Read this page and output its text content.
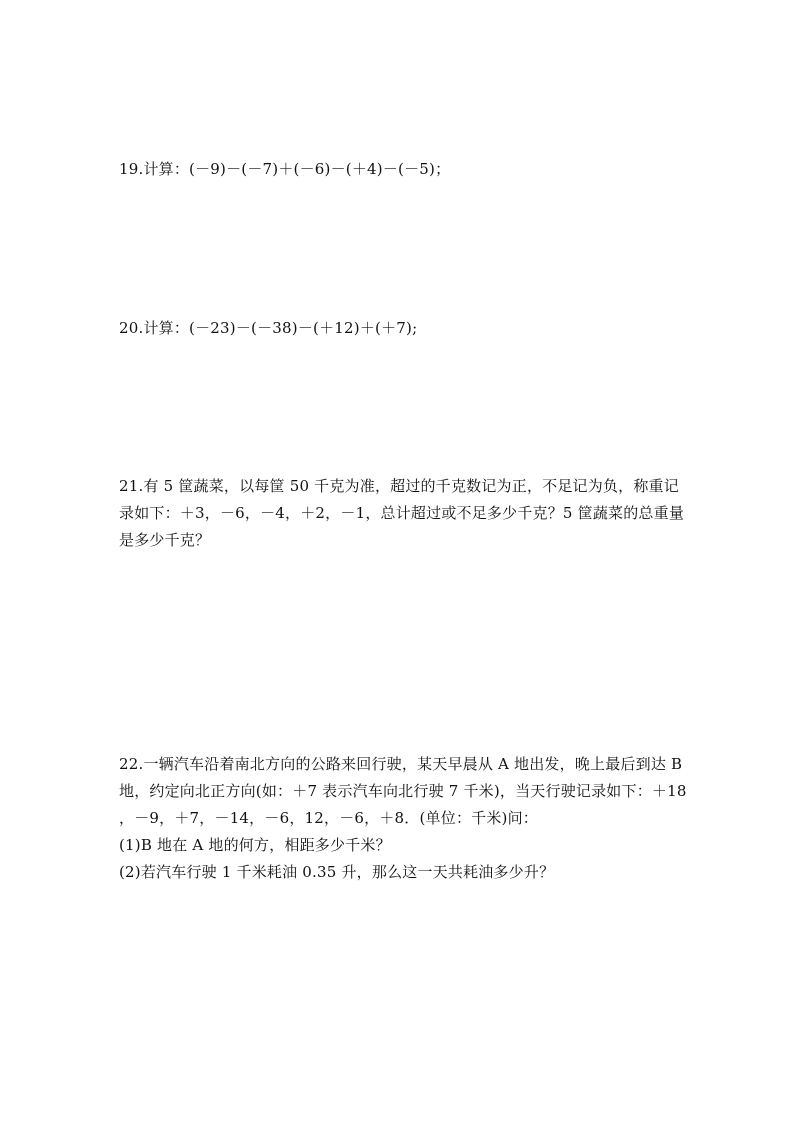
19.计算：(－9)－(－7)＋(－6)－(＋4)－(－5)；
20.计算：(－23)－(－38)－(＋12)＋(＋7);
21.有 5 筐蔬菜，以每筐 50 千克为准，超过的千克数记为正，不足记为负，称重记
录如下：＋3，－6，－4，＋2，－1，总计超过或不足多少千克？5 筐蔬菜的总重量
是多少千克？
22.一辆汽车沿着南北方向的公路来回行驶，某天早晨从 A 地出发，晚上最后到达 B
地，约定向北正方向(如：＋7 表示汽车向北行驶 7 千米)，当天行驶记录如下：＋18
，－9，＋7，－14，－6，12，－6，＋8．(单位：千米)问：
(1)B 地在 A 地的何方，相距多少千米？
(2)若汽车行驶 1 千米耗油 0.35 升，那么这一天共耗油多少升？
